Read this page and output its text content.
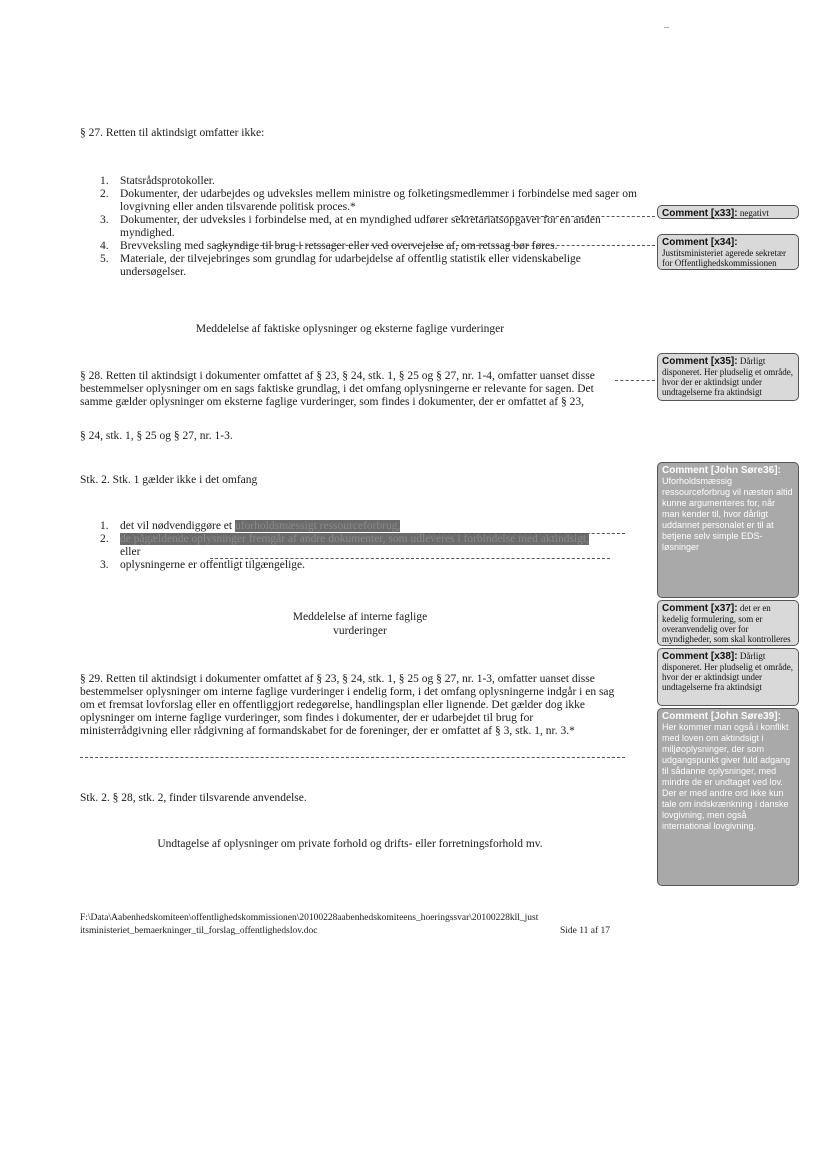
–
§ 27. Retten til aktindsigt omfatter ikke:
1. Statsrådsprotokoller.
2. Dokumenter, der udarbejdes og udveksles mellem ministre og folketingsmedlemmer i forbindelse med sager om lovgivning eller anden tilsvarende politisk proces.*
3. Dokumenter, der udveksles i forbindelse med, at en myndighed udfører sekretariatsopgaver for en anden myndighed.
4. Brevveksling med sagkyndige til brug i retssager eller ved overvejelse af, om retssag bør føres.
5. Materiale, der tilvejebringes som grundlag for udarbejdelse af offentlig statistik eller videnskabelige undersøgelser.
Meddelelse af faktiske oplysninger og eksterne faglige vurderinger
§ 28. Retten til aktindsigt i dokumenter omfattet af § 23, § 24, stk. 1, § 25 og § 27, nr. 1-4, omfatter uanset disse bestemmelser oplysninger om en sags faktiske grundlag, i det omfang oplysningerne er relevante for sagen. Det samme gælder oplysninger om eksterne faglige vurderinger, som findes i dokumenter, der er omfattet af § 23,
§ 24, stk. 1, § 25 og § 27, nr. 1-3.
Stk. 2. Stk. 1 gælder ikke i det omfang
1. det vil nødvendiggøre et uforholdsmæssigt ressourceforbrug,
2. de pågældende oplysninger fremgår af andre dokumenter, som udleveres i forbindelse med aktindsigt, eller
3. oplysningerne er offentligt tilgængelige.
Meddelelse af interne faglige
vurderinger
§ 29. Retten til aktindsigt i dokumenter omfattet af § 23, § 24, stk. 1, § 25 og § 27, nr. 1-3, omfatter uanset disse bestemmelser oplysninger om interne faglige vurderinger i endelig form, i det omfang oplysningerne indgår i en sag om et fremsat lovforslag eller en offentliggjort redegørelse, handlingsplan eller lignende. Det gælder dog ikke oplysninger om interne faglige vurderinger, som findes i dokumenter, der er udarbejdet til brug for ministerrådgivning eller rådgivning af formandskabet for de foreninger, der er omfattet af § 3, stk. 1, nr. 3.*
Stk. 2. § 28, stk. 2, finder tilsvarende anvendelse.
Undtagelse af oplysninger om private forhold og drifts- eller forretningsforhold mv.
Comment [x33]: negativt
Comment [x34]: Justitsministeriet agerede sekretær for Offentlighedskommissionen
Comment [x35]: Dårligt disponeret. Her pludselig et område, hvor der er aktindsigt under undtagelserne fra aktindsigt
Comment [John Søre36]: Uforholdsmæssig ressourceforbrug vil næsten altid kunne argumenteres for, når man kender til, hvor dårligt uddannet personalet er til at betjene selv simple EDS-løsninger
Comment [x37]: det er en kedelig formulering, som er overanvendelig over for myndigheder, som skal kontrolleres
Comment [x38]: Dårligt disponeret. Her pludselig et område, hvor der er aktindsigt under undtagelserne fra aktindsigt
Comment [John Søre39]: Her kommer man også i konflikt med loven om aktindsigt i miljøoplysninger, der som udgangspunkt giver fuld adgang til sådanne oplysninger, med mindre de er undtaget ved lov. Der er med andre ord ikke kun tale om indskrænkning i danske lovgivning, men også international lovgivning.
F:\Data\Aabenhedskomiteen\offentlighedskommissionen\20100228aabenhedskomiteens_hoeringssvar\20100228kll_just
itsministeriet_bemaerkninger_til_forslag_offentlighedslov.doc	Side 11 af 17
